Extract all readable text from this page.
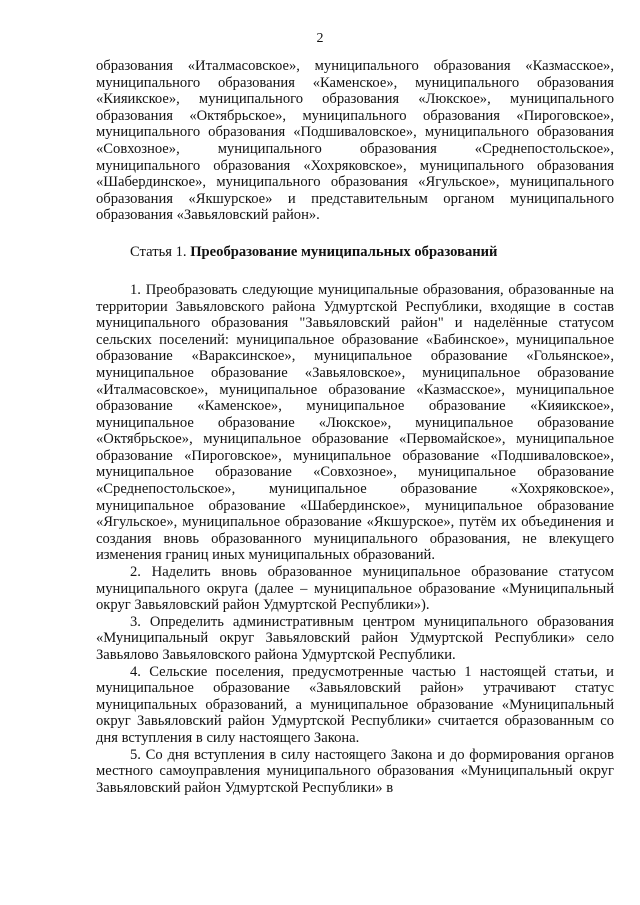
2

образования «Италмасовское», муниципального образования «Казмасское», муниципального образования «Каменское», муниципального образования «Кияикское», муниципального образования «Люкское», муниципального образования «Октябрьское», муниципального образования «Пироговское», муниципального образования «Подшиваловское», муниципального образования «Совхозное», муниципального образования «Среднепостольское», муниципального образования «Хохряковское», муниципального образования «Шабердинское», муниципального образования «Ягульское», муниципального образования «Якшурское» и представительным органом муниципального образования «Завьяловский район».

Статья 1. Преобразование муниципальных образований

1. Преобразовать следующие муниципальные образования, образованные на территории Завьяловского района Удмуртской Республики, входящие в состав муниципального образования "Завьяловский район" и наделённые статусом сельских поселений: муниципальное образование «Бабинское», муниципальное образование «Вараксинское», муниципальное образование «Гольянское», муниципальное образование «Завьяловское», муниципальное образование «Италмасовское», муниципальное образование «Казмасское», муниципальное образование «Каменское», муниципальное образование «Кияикское», муниципальное образование «Люкское», муниципальное образование «Октябрьское», муниципальное образование «Первомайское», муниципальное образование «Пироговское», муниципальное образование «Подшиваловское», муниципальное образование «Совхозное», муниципальное образование «Среднепостольское», муниципальное образование «Хохряковское», муниципальное образование «Шабердинское», муниципальное образование «Ягульское», муниципальное образование «Якшурское», путём их объединения и создания вновь образованного муниципального образования, не влекущего изменения границ иных муниципальных образований.

2. Наделить вновь образованное муниципальное образование статусом муниципального округа (далее – муниципальное образование «Муниципальный округ Завьяловский район Удмуртской Республики»).

3. Определить административным центром муниципального образования «Муниципальный округ Завьяловский район Удмуртской Республики» село Завьялово Завьяловского района Удмуртской Республики.

4. Сельские поселения, предусмотренные частью 1 настоящей статьи, и муниципальное образование «Завьяловский район» утрачивают статус муниципальных образований, а муниципальное образование «Муниципальный округ Завьяловский район Удмуртской Республики» считается образованным со дня вступления в силу настоящего Закона.

5. Со дня вступления в силу настоящего Закона и до формирования органов местного самоуправления муниципального образования «Муниципальный округ Завьяловский район Удмуртской Республики» в
